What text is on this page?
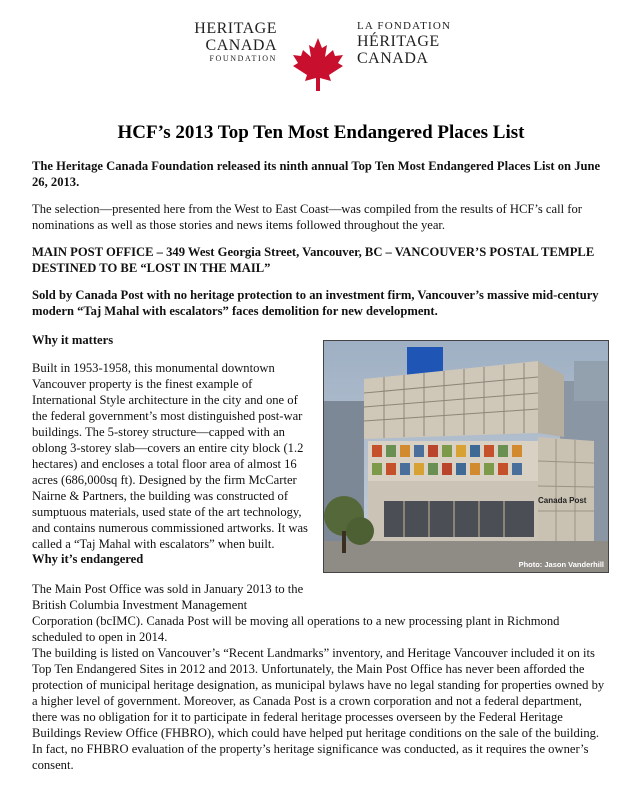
HERITAGE
CANADA
FOUNDATION
LA FONDATION
HÉRITAGE
CANADA
HCF’s 2013 Top Ten Most Endangered Places List

The Heritage Canada Foundation released its ninth annual Top Ten Most Endangered Places List on June 26, 2013.

The selection—presented here from the West to East Coast—was compiled from the results of HCF’s call for nominations as well as those stories and news items followed throughout the year.

MAIN POST OFFICE – 349 West Georgia Street, Vancouver, BC – VANCOUVER’S POSTAL TEMPLE DESTINED TO BE “LOST IN THE MAIL”

Sold by Canada Post with no heritage protection to an investment firm, Vancouver’s massive mid-century modern “Taj Mahal with escalators” faces demolition for new development.

Why it matters

Built in 1953-1958, this monumental downtown Vancouver property is the finest example of International Style architecture in the city and one of the federal government’s most distinguished post-war buildings. The 5-storey structure—capped with an oblong 3-storey slab—covers an entire city block (1.2 hectares) and encloses a total floor area of almost 16 acres (686,000sq ft). Designed by the firm McCarter Nairne & Partners, the building was constructed of sumptuous materials, used state of the art technology, and contains numerous commissioned artworks. It was called a “Taj Mahal with escalators” when built.

Canada Post
Photo: Jason Vanderhill

Why it’s endangered

The Main Post Office was sold in January 2013 to the British Columbia Investment Management

Corporation (bcIMC). Canada Post will be moving all operations to a new processing plant in Richmond scheduled to open in 2014.

The building is listed on Vancouver’s “Recent Landmarks” inventory, and Heritage Vancouver included it on its Top Ten Endangered Sites in 2012 and 2013. Unfortunately, the Main Post Office has never been afforded the protection of municipal heritage designation, as municipal bylaws have no legal standing for properties owned by a higher level of government. Moreover, as Canada Post is a crown corporation and not a federal department, there was no obligation for it to participate in federal heritage processes overseen by the Federal Heritage Buildings Review Office (FHBRO), which could have helped put heritage conditions on the sale of the building. In fact, no FHBRO evaluation of the property’s heritage significance was conducted, as it requires the owner’s consent.
